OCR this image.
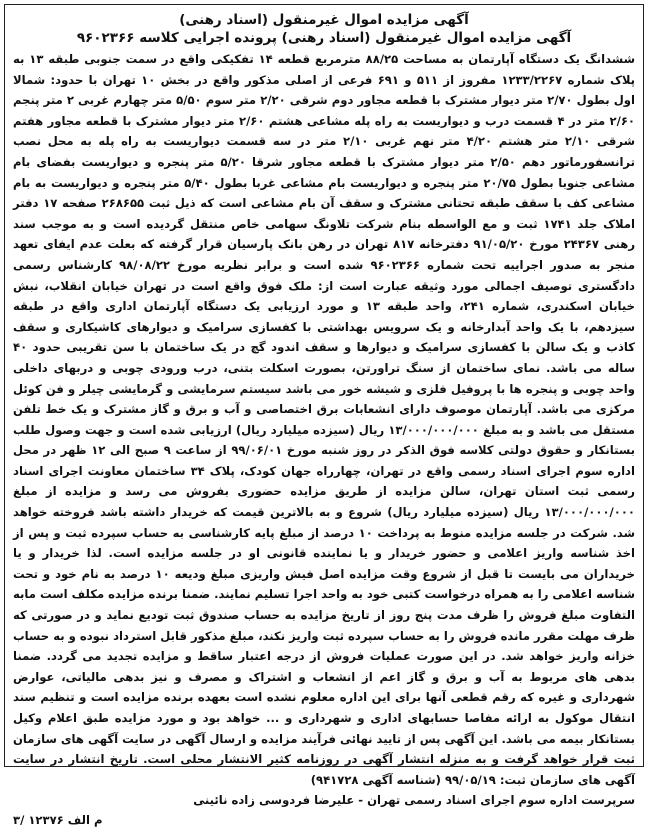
آگهی مزایده اموال غیرمنقول (اسناد رهنی)

آگهی مزایده اموال غیرمنقول (اسناد رهنی) پرونده اجرایی کلاسه ۹۶۰۲۳۶۶

ششدانگ یک دستگاه آپارتمان به مساحت ۸۸/۲۵ مترمربع قطعه ۱۴ تفکیکی واقع در سمت جنوبی طبقه ۱۳ به پلاک شماره ۱۲۳۳/۲۲۶۷ مفروز از ۵۱۱ و ۶۹۱ فرعی از اصلی مذکور واقع در بخش ۱۰ تهران با حدود: شمالا اول بطول ۲/۷۰ متر دیوار مشترک با قطعه مجاور دوم شرقی ۲/۲۰ متر سوم ۵/۵۰ متر چهارم غربی ۲ متر پنجم ۲/۶۰ متر در ۴ قسمت درب و دیواریست به راه پله مشاعی هشتم ۲/۶۰ متر دیوار مشترک با قطعه مجاور هفتم شرقی ۲/۱۰ متر هشتم ۴/۲۰ متر نهم غربی ۲/۱۰ متر در سه قسمت دیواریست به راه پله به محل نصب ترانسفورماتور دهم ۲/۵۰ متر دیوار مشترک با قطعه مجاور شرقا ۵/۲۰ متر پنجره و دیواریست بفضای بام مشاعی جنوبا بطول ۲۰/۷۵ متر پنجره و دیواریست بام مشاعی غربا بطول ۵/۴۰ متر پنجره و دیواریست به بام مشاعی کف با سقف طبقه تحتانی مشترک و سقف آن بام مشاعی است که ذیل ثبت ۲۶۸۶۵۵ صفحه ۱۷ دفتر املاک جلد ۱۷۴۱ ثبت و مع الواسطه بنام شرکت تلاونگ سهامی خاص منتقل گردیده است و به موجب سند رهنی ۲۴۳۶۷ مورخ ۹۱/۰۵/۲۰ دفترخانه ۸۱۷ تهران در رهن بانک پارسیان قرار گرفته که بعلت عدم ایفای تعهد منجر به صدور اجراییه تحت شماره ۹۶۰۲۳۶۶ شده است و برابر نظریه مورخ ۹۸/۰۸/۲۲ کارشناس رسمی دادگستری توصیف اجمالی مورد وثیقه عبارت است از: ملک فوق واقع است در تهران خیابان انقلاب، نبش خیابان اسکندری، شماره ۲۴۱، واحد طبقه ۱۳ و مورد ارزیابی یک دستگاه آپارتمان اداری واقع در طبقه سیزدهم، با یک واحد آبدارخانه و یک سرویس بهداشتی با کفسازی سرامیک و دیوارهای کاشیکاری و سقف کاذب و یک سالن با کفسازی سرامیک و دیوارها و سقف اندود گچ در یک ساختمان با سن تقریبی حدود ۴۰ ساله می باشد. نمای ساختمان از سنگ تراورتن، بصورت اسکلت بتنی، درب ورودی چوبی و دربهای داخلی واحد چوبی و پنجره ها با پروفیل فلزی و شیشه خور می باشد سیستم سرمایشی و گرمایشی چیلر و فن کوئل مرکزی می باشد. آپارتمان موصوف دارای انشعابات برق اختصاصی و آب و برق و گاز مشترک و یک خط تلفن مستقل می باشد و به مبلغ ۱۳/۰۰۰/۰۰۰/۰۰۰ ریال (سیزده میلیارد ریال) ارزیابی شده است و جهت وصول طلب بستانکار و حقوق دولتی کلاسه فوق الذکر در روز شنبه مورخ ۹۹/۰۶/۰۱ از ساعت ۹ صبح الی ۱۲ ظهر در محل اداره سوم اجرای اسناد رسمی واقع در تهران، چهارراه جهان کودک، پلاک ۳۴ ساختمان معاونت اجرای اسناد رسمی ثبت استان تهران، سالن مزایده از طریق مزایده حضوری بفروش می رسد و مزایده از مبلغ ۱۳/۰۰۰/۰۰۰/۰۰۰ ریال (سیزده میلیارد ریال) شروع و به بالاترین قیمت که خریدار داشته باشد فروخته خواهد شد. شرکت در جلسه مزایده منوط به پرداخت ۱۰ درصد از مبلغ پایه کارشناسی به حساب سپرده ثبت و پس از اخذ شناسه واریز اعلامی و حضور خریدار و یا نماینده قانونی او در جلسه مزایده است. لذا خریدار و یا خریداران می بایست تا قبل از شروع وقت مزایده اصل فیش واریزی مبلغ ودیعه ۱۰ درصد به نام خود و تحت شناسه اعلامی را به همراه درخواست کتبی خود به واحد اجرا تسلیم نمایند. ضمنا برنده مزایده مکلف است مابه التفاوت مبلغ فروش را ظرف مدت پنج روز از تاریخ مزایده به حساب صندوق ثبت تودیع نماید و در صورتی که ظرف مهلت مقرر مانده فروش را به حساب سپرده ثبت واریز نکند، مبلغ مذکور قابل استرداد نبوده و به حساب خزانه واریز خواهد شد. در این صورت عملیات فروش از درجه اعتبار ساقط و مزایده تجدید می گردد. ضمنا بدهی های مربوط به آب و برق و گاز اعم از انشعاب و اشتراک و مصرف و نیز بدهی مالیاتی، عوارض شهرداری و غیره که رقم قطعی آنها برای این اداره معلوم نشده است بعهده برنده مزایده است و تنظیم سند انتقال موکول به ارائه مفاصا حسابهای اداری و شهرداری و ... خواهد بود و مورد مزایده طبق اعلام وکیل بستانکار بیمه می باشد. این آگهی پس از تایید نهائی فرآیند مزایده و ارسال آگهی در سایت آگهی های سازمان ثبت قرار خواهد گرفت و به منزله انتشار آگهی در روزنامه کثیر الانتشار محلی است. تاریخ انتشار در سایت آگهی های سازمان ثبت: ۹۹/۰۵/۱۹ (شناسه آگهی ۹۴۱۷۲۸)

سرپرست اداره سوم اجرای اسناد رسمی تهران - علیرضا فردوسی زاده نائینی

م الف ۱۲۳۷۶ /۳
